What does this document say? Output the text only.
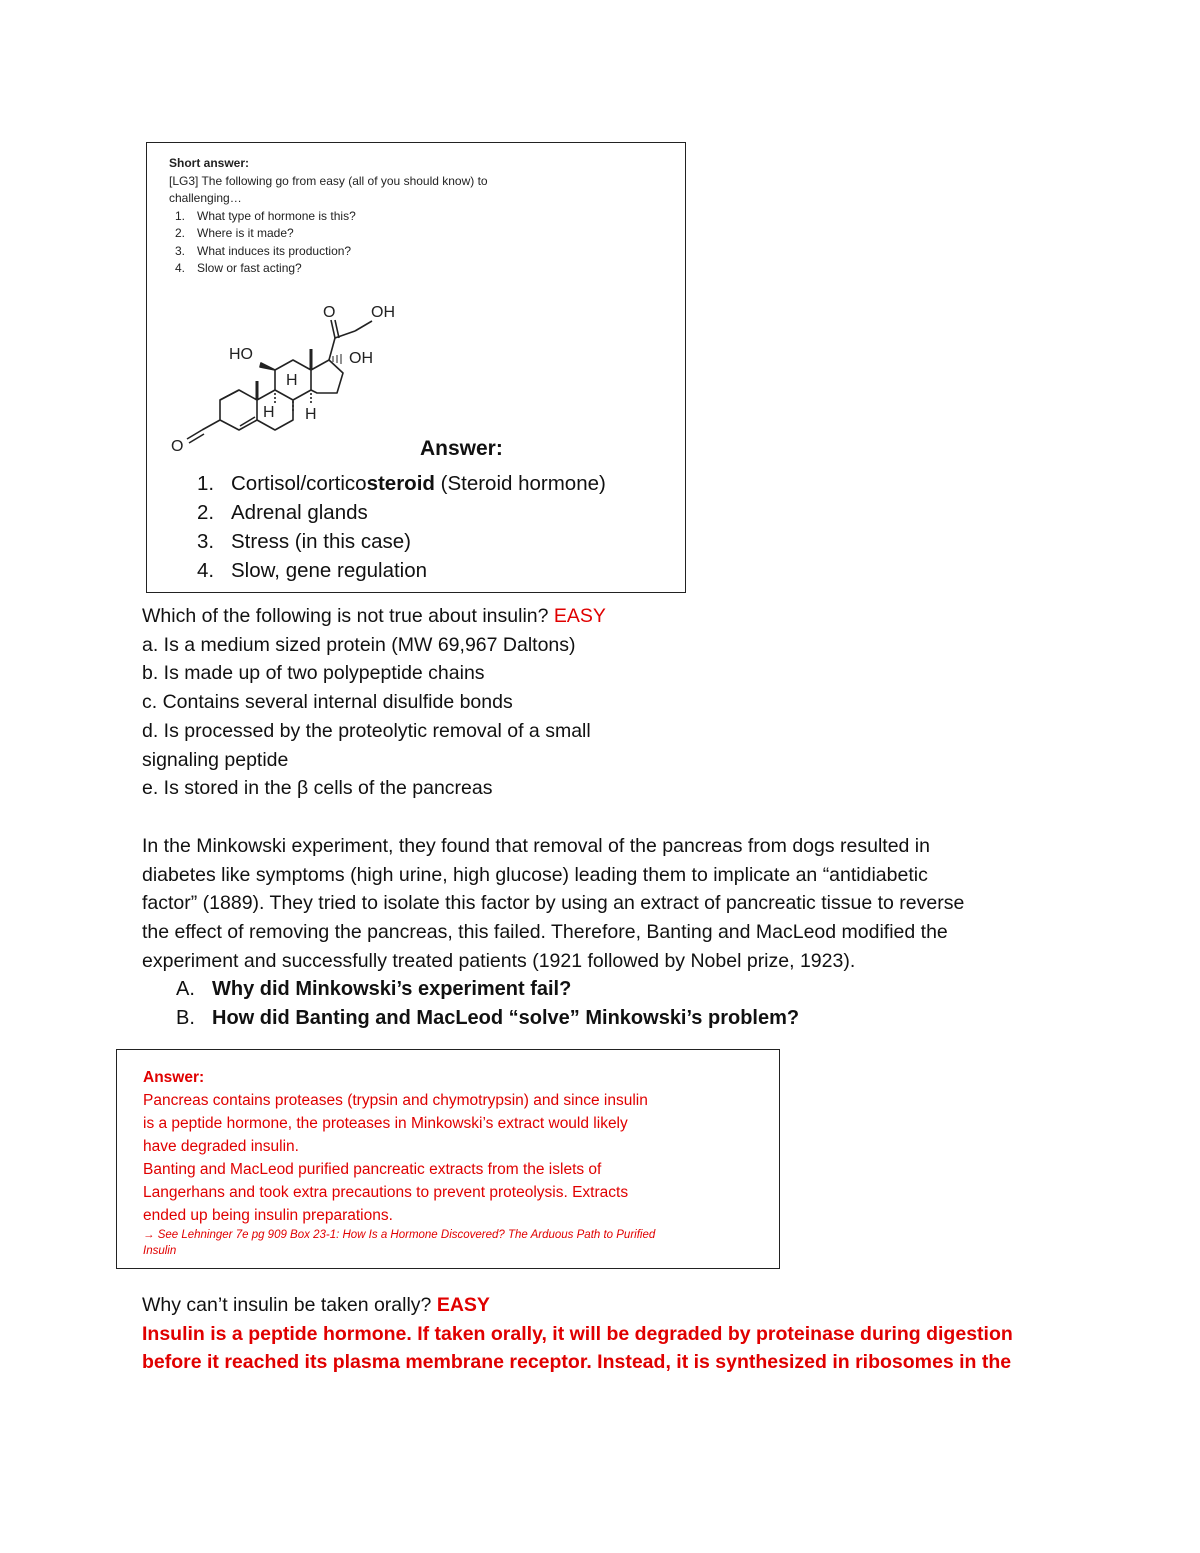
Short answer:
[LG3] The following go from easy (all of you should know) to
challenging…
1. What type of hormone is this?
2. Where is it made?
3. What induces its production?
4. Slow or fast acting?
O OH
HO	OH
H
H H
O	Answer:
1. Cortisol/corticosteroid (Steroid hormone)
2. Adrenal glands
3. Stress (in this case)
4. Slow, gene regulation
Which of the following is not true about insulin? EASY
a. Is a medium sized protein (MW 69,967 Daltons)
b. Is made up of two polypeptide chains
c. Contains several internal disulfide bonds
d. Is processed by the proteolytic removal of a small
signaling peptide
e. Is stored in the β cells of the pancreas
In the Minkowski experiment, they found that removal of the pancreas from dogs resulted in
diabetes like symptoms (high urine, high glucose) leading them to implicate an “antidiabetic
factor” (1889). They tried to isolate this factor by using an extract of pancreatic tissue to reverse
the effect of removing the pancreas, this failed. Therefore, Banting and MacLeod modified the
experiment and successfully treated patients (1921 followed by Nobel prize, 1923).
A. Why did Minkowski’s experiment fail?
B. How did Banting and MacLeod “solve” Minkowski’s problem?
Answer:
Pancreas contains proteases (trypsin and chymotrypsin) and since insulin
is a peptide hormone, the proteases in Minkowski’s extract would likely
have degraded insulin.
Banting and MacLeod purified pancreatic extracts from the islets of
Langerhans and took extra precautions to prevent proteolysis. Extracts
ended up being insulin preparations.
→ See Lehninger 7e pg 909 Box 23-1: How Is a Hormone Discovered? The Arduous Path to Purified
Insulin
Why can’t insulin be taken orally? EASY
Insulin is a peptide hormone. If taken orally, it will be degraded by proteinase during digestion
before it reached its plasma membrane receptor. Instead, it is synthesized in ribosomes in the
